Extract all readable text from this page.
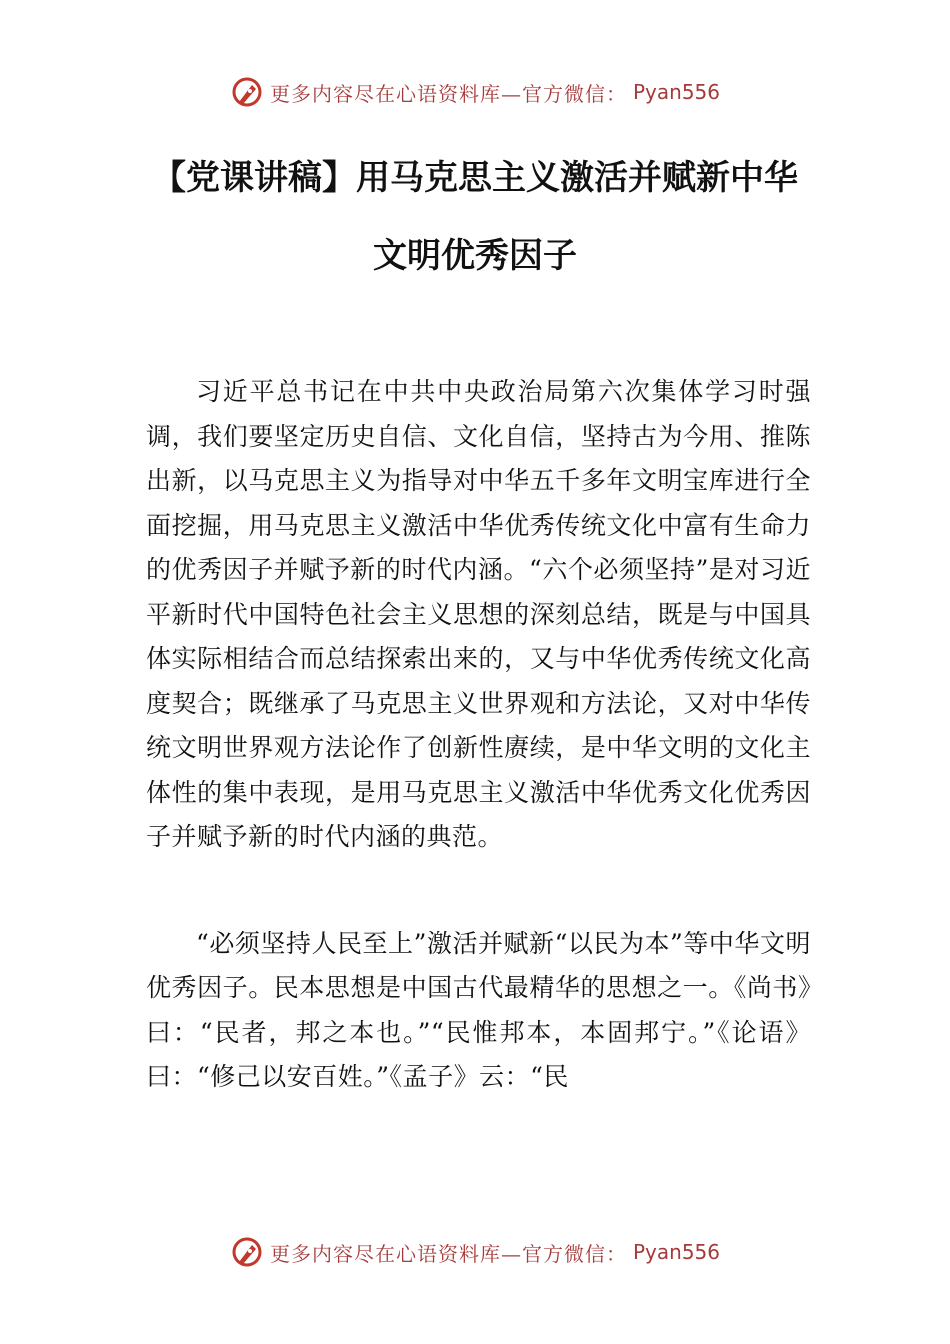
更多内容尽在心语资料库—官方微信： Pyan556
【党课讲稿】用马克思主义激活并赋新中华
文明优秀因子

习近平总书记在中共中央政治局第六次集体学习时强调，我们要坚定历史自信、文化自信，坚持古为今用、推陈出新，以马克思主义为指导对中华五千多年文明宝库进行全面挖掘，用马克思主义激活中华优秀传统文化中富有生命力的优秀因子并赋予新的时代内涵。“六个必须坚持”是对习近平新时代中国特色社会主义思想的深刻总结，既是与中国具体实际相结合而总结探索出来的，又与中华优秀传统文化高度契合；既继承了马克思主义世界观和方法论，又对中华传统文明世界观方法论作了创新性赓续，是中华文明的文化主体性的集中表现，是用马克思主义激活中华优秀文化优秀因子并赋予新的时代内涵的典范。

“必须坚持人民至上”激活并赋新“以民为本”等中华文明优秀因子。民本思想是中国古代最精华的思想之一。《尚书》曰：“民者，邦之本也。”“民惟邦本，本固邦宁。”《论语》曰：“修己以安百姓。”《孟子》云：“民

更多内容尽在心语资料库—官方微信： Pyan556
